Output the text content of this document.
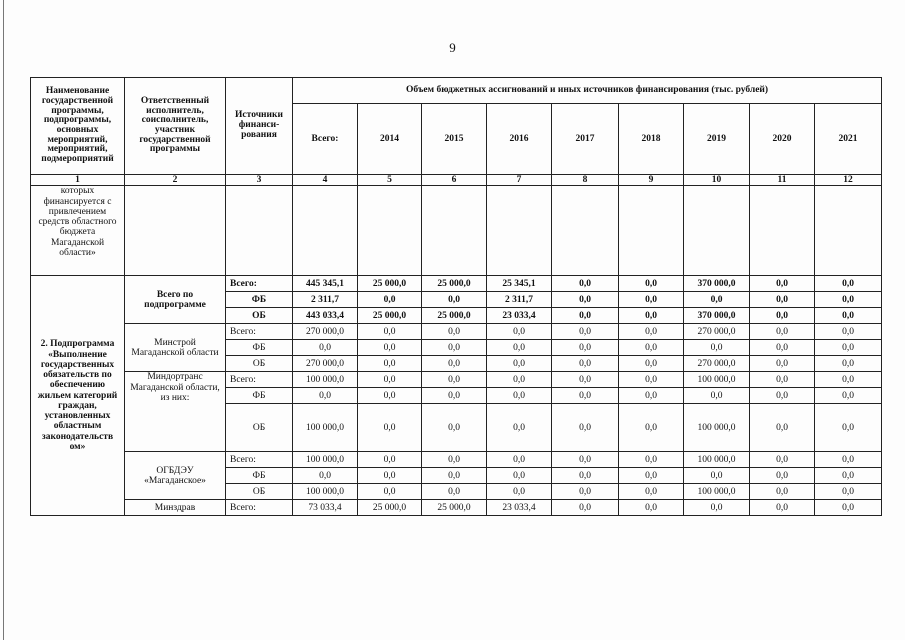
9
Наименование государственной программы, подпрограммы, основных мероприятий, мероприятий, подмероприятий	Ответственный исполнитель, соисполнитель, участник государственной программы	Источники финанси-рования	Объем бюджетных ассигнований и иных источников финансирования (тыс. рублей)								
			Всего:	2014	2015	2016	2017	2018	2019	2020	2021
1	2	3	4	5	6	7	8	9	10	11	12
которых финансируется с привлечением средств областного бюджета Магаданской области»											
2. Подпрограмма «Выполнение государственных обязательств по обеспечению жильем категорий граждан, установленных областным законодательств ом»	Всего по подпрограмме	Всего:	445 345,1	25 000,0	25 000,0	25 345,1	0,0	0,0	370 000,0	0,0	0,0
		ФБ	2 311,7	0,0	0,0	2 311,7	0,0	0,0	0,0	0,0	0,0
		ОБ	443 033,4	25 000,0	25 000,0	23 033,4	0,0	0,0	370 000,0	0,0	0,0
	Минстрой Магаданской области	Всего:	270 000,0	0,0	0,0	0,0	0,0	0,0	270 000,0	0,0	0,0
		ФБ	0,0	0,0	0,0	0,0	0,0	0,0	0,0	0,0	0,0
		ОБ	270 000,0	0,0	0,0	0,0	0,0	0,0	270 000,0	0,0	0,0
	Миндортранс Магаданской области, из них:	Всего:	100 000,0	0,0	0,0	0,0	0,0	0,0	100 000,0	0,0	0,0
		ФБ	0,0	0,0	0,0	0,0	0,0	0,0	0,0	0,0	0,0
		ОБ	100 000,0	0,0	0,0	0,0	0,0	0,0	100 000,0	0,0	0,0
	ОГБДЭУ «Магаданское»	Всего:	100 000,0	0,0	0,0	0,0	0,0	0,0	100 000,0	0,0	0,0
		ФБ	0,0	0,0	0,0	0,0	0,0	0,0	0,0	0,0	0,0
		ОБ	100 000,0	0,0	0,0	0,0	0,0	0,0	100 000,0	0,0	0,0
	Минздрав	Всего:	73 033,4	25 000,0	25 000,0	23 033,4	0,0	0,0	0,0	0,0	0,0
